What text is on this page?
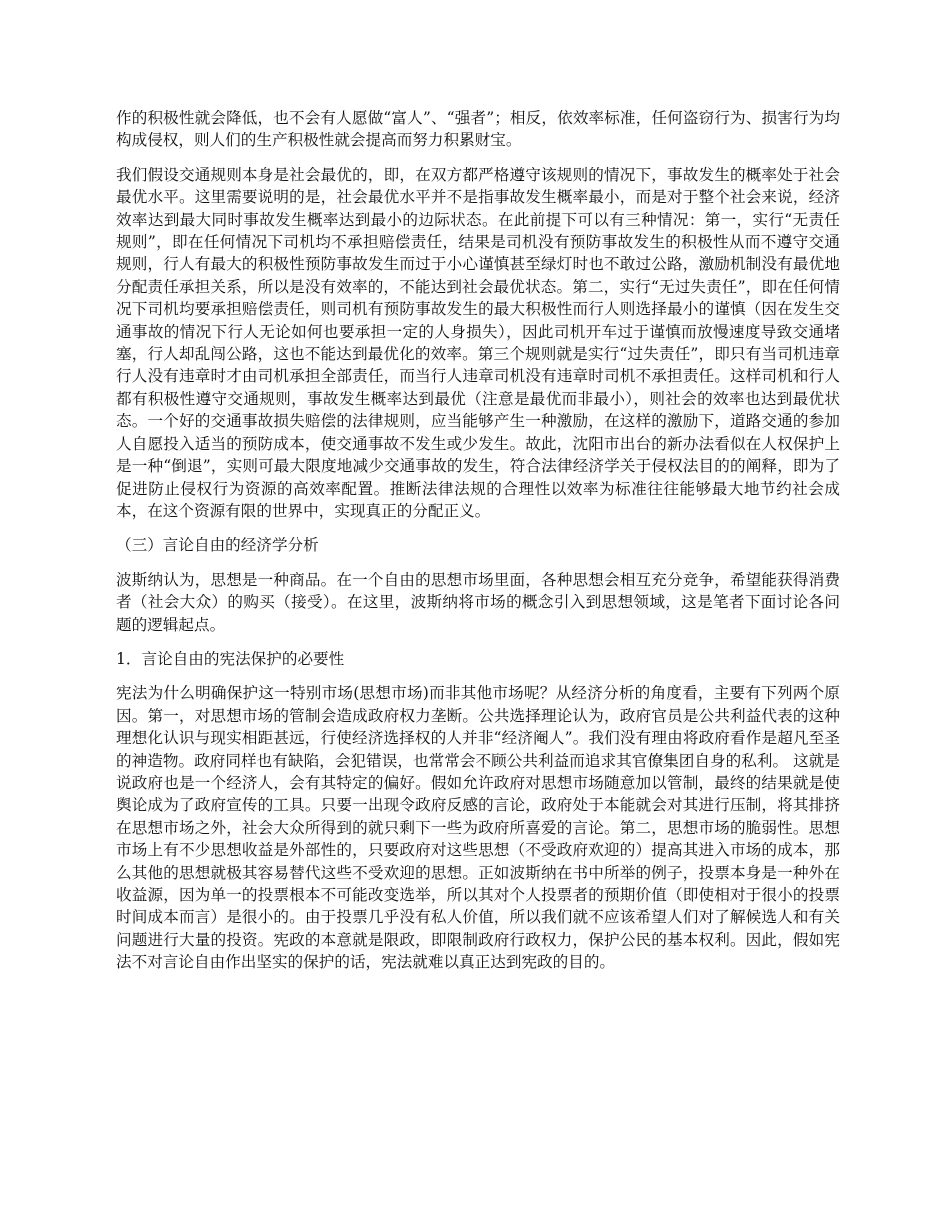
作的积极性就会降低，也不会有人愿做“富人”、“强者”；相反，依效率标准，任何盗窃行为、损害行为均构成侵权，则人们的生产积极性就会提高而努力积累财宝。

我们假设交通规则本身是社会最优的，即，在双方都严格遵守该规则的情况下，事故发生的概率处于社会最优水平。这里需要说明的是，社会最优水平并不是指事故发生概率最小，而是对于整个社会来说，经济效率达到最大同时事故发生概率达到最小的边际状态。在此前提下可以有三种情况：第一，实行“无责任规则”，即在任何情况下司机均不承担赔偿责任，结果是司机没有预防事故发生的积极性从而不遵守交通规则，行人有最大的积极性预防事故发生而过于小心谨慎甚至绿灯时也不敢过公路，激励机制没有最优地分配责任承担关系，所以是没有效率的，不能达到社会最优状态。第二，实行“无过失责任”，即在任何情况下司机均要承担赔偿责任，则司机有预防事故发生的最大积极性而行人则选择最小的谨慎（因在发生交通事故的情况下行人无论如何也要承担一定的人身损失），因此司机开车过于谨慎而放慢速度导致交通堵塞，行人却乱闯公路，这也不能达到最优化的效率。第三个规则就是实行“过失责任”，即只有当司机违章行人没有违章时才由司机承担全部责任，而当行人违章司机没有违章时司机不承担责任。这样司机和行人都有积极性遵守交通规则，事故发生概率达到最优（注意是最优而非最小），则社会的效率也达到最优状态。一个好的交通事故损失赔偿的法律规则，应当能够产生一种激励，在这样的激励下，道路交通的参加人自愿投入适当的预防成本，使交通事故不发生或少发生。故此，沈阳市出台的新办法看似在人权保护上是一种“倒退”，实则可最大限度地减少交通事故的发生，符合法律经济学关于侵权法目的的阐释，即为了促进防止侵权行为资源的高效率配置。推断法律法规的合理性以效率为标准往往能够最大地节约社会成本，在这个资源有限的世界中，实现真正的分配正义。

（三）言论自由的经济学分析

波斯纳认为，思想是一种商品。在一个自由的思想市场里面，各种思想会相互充分竞争，希望能获得消费者（社会大众）的购买（接受）。在这里，波斯纳将市场的概念引入到思想领域，这是笔者下面讨论各问题的逻辑起点。

1．言论自由的宪法保护的必要性

宪法为什么明确保护这一特别市场(思想市场)而非其他市场呢？从经济分析的角度看，主要有下列两个原因。第一，对思想市场的管制会造成政府权力垄断。公共选择理论认为，政府官员是公共利益代表的这种理想化认识与现实相距甚远，行使经济选择权的人并非“经济阉人”。我们没有理由将政府看作是超凡至圣的神造物。政府同样也有缺陷，会犯错误，也常常会不顾公共利益而追求其官僚集团自身的私利。 这就是说政府也是一个经济人，会有其特定的偏好。假如允许政府对思想市场随意加以管制，最终的结果就是使舆论成为了政府宣传的工具。只要一出现令政府反感的言论，政府处于本能就会对其进行压制，将其排挤在思想市场之外，社会大众所得到的就只剩下一些为政府所喜爱的言论。第二，思想市场的脆弱性。思想市场上有不少思想收益是外部性的，只要政府对这些思想（不受政府欢迎的）提高其进入市场的成本，那么其他的思想就极其容易替代这些不受欢迎的思想。正如波斯纳在书中所举的例子，投票本身是一种外在收益源，因为单一的投票根本不可能改变选举，所以其对个人投票者的预期价值（即使相对于很小的投票时间成本而言）是很小的。由于投票几乎没有私人价值，所以我们就不应该希望人们对了解候选人和有关问题进行大量的投资。宪政的本意就是限政，即限制政府行政权力，保护公民的基本权利。因此，假如宪法不对言论自由作出坚实的保护的话，宪法就难以真正达到宪政的目的。
